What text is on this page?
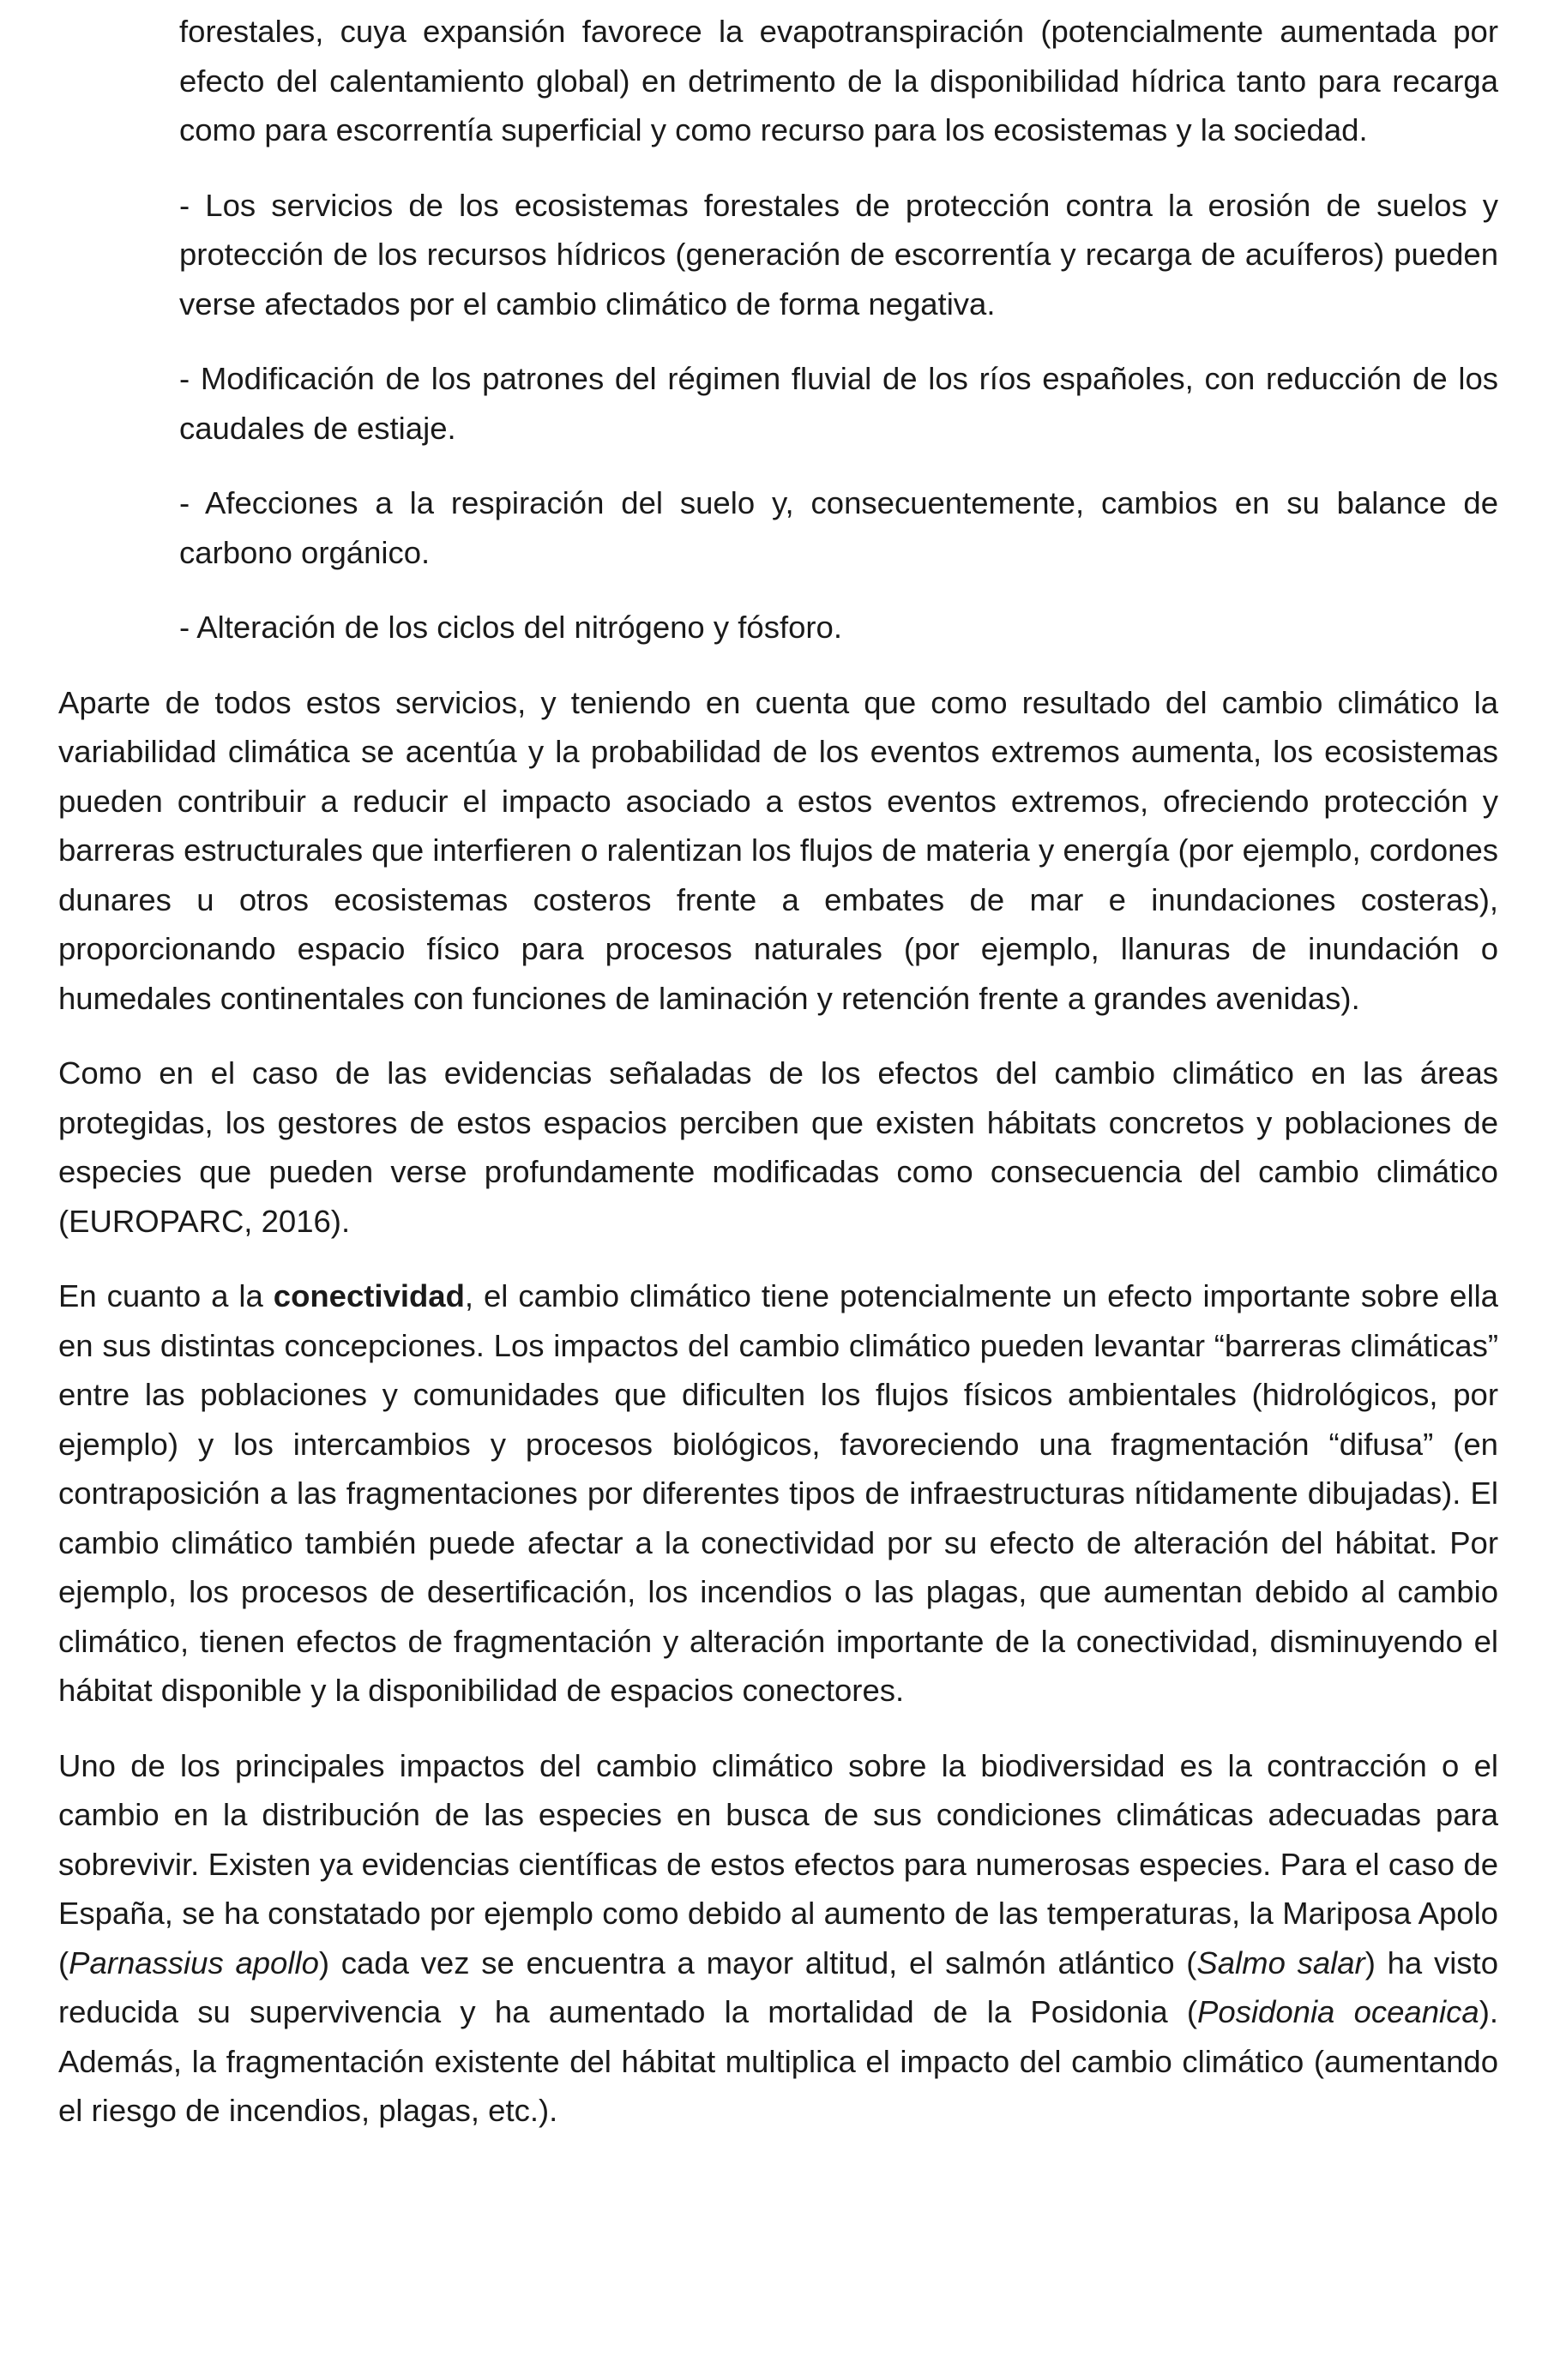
forestales, cuya expansión favorece la evapotranspiración (potencialmente aumentada por efecto del calentamiento global) en detrimento de la disponibilidad hídrica tanto para recarga como para escorrentía superficial y como recurso para los ecosistemas y la sociedad.

- Los servicios de los ecosistemas forestales de protección contra la erosión de suelos y protección de los recursos hídricos (generación de escorrentía y recarga de acuíferos) pueden verse afectados por el cambio climático de forma negativa.

- Modificación de los patrones del régimen fluvial de los ríos españoles, con reducción de los caudales de estiaje.

- Afecciones a la respiración del suelo y, consecuentemente, cambios en su balance de carbono orgánico.

- Alteración de los ciclos del nitrógeno y fósforo.

Aparte de todos estos servicios, y teniendo en cuenta que como resultado del cambio climático la variabilidad climática se acentúa y la probabilidad de los eventos extremos aumenta, los ecosistemas pueden contribuir a reducir el impacto asociado a estos eventos extremos, ofreciendo protección y barreras estructurales que interfieren o ralentizan los flujos de materia y energía (por ejemplo, cordones dunares u otros ecosistemas costeros frente a embates de mar e inundaciones costeras), proporcionando espacio físico para procesos naturales (por ejemplo, llanuras de inundación o humedales continentales con funciones de laminación y retención frente a grandes avenidas).

Como en el caso de las evidencias señaladas de los efectos del cambio climático en las áreas protegidas, los gestores de estos espacios perciben que existen hábitats concretos y poblaciones de especies que pueden verse profundamente modificadas como consecuencia del cambio climático (EUROPARC, 2016).

En cuanto a la conectividad, el cambio climático tiene potencialmente un efecto importante sobre ella en sus distintas concepciones. Los impactos del cambio climático pueden levantar “barreras climáticas” entre las poblaciones y comunidades que dificulten los flujos físicos ambientales (hidrológicos, por ejemplo) y los intercambios y procesos biológicos, favoreciendo una fragmentación “difusa” (en contraposición a las fragmentaciones por diferentes tipos de infraestructuras nítidamente dibujadas). El cambio climático también puede afectar a la conectividad por su efecto de alteración del hábitat. Por ejemplo, los procesos de desertificación, los incendios o las plagas, que aumentan debido al cambio climático, tienen efectos de fragmentación y alteración importante de la conectividad, disminuyendo el hábitat disponible y la disponibilidad de espacios conectores.

Uno de los principales impactos del cambio climático sobre la biodiversidad es la contracción o el cambio en la distribución de las especies en busca de sus condiciones climáticas adecuadas para sobrevivir. Existen ya evidencias científicas de estos efectos para numerosas especies. Para el caso de España, se ha constatado por ejemplo como debido al aumento de las temperaturas, la Mariposa Apolo (Parnassius apollo) cada vez se encuentra a mayor altitud, el salmón atlántico (Salmo salar) ha visto reducida su supervivencia y ha aumentado la mortalidad de la Posidonia (Posidonia oceanica). Además, la fragmentación existente del hábitat multiplica el impacto del cambio climático (aumentando el riesgo de incendios, plagas, etc.).
